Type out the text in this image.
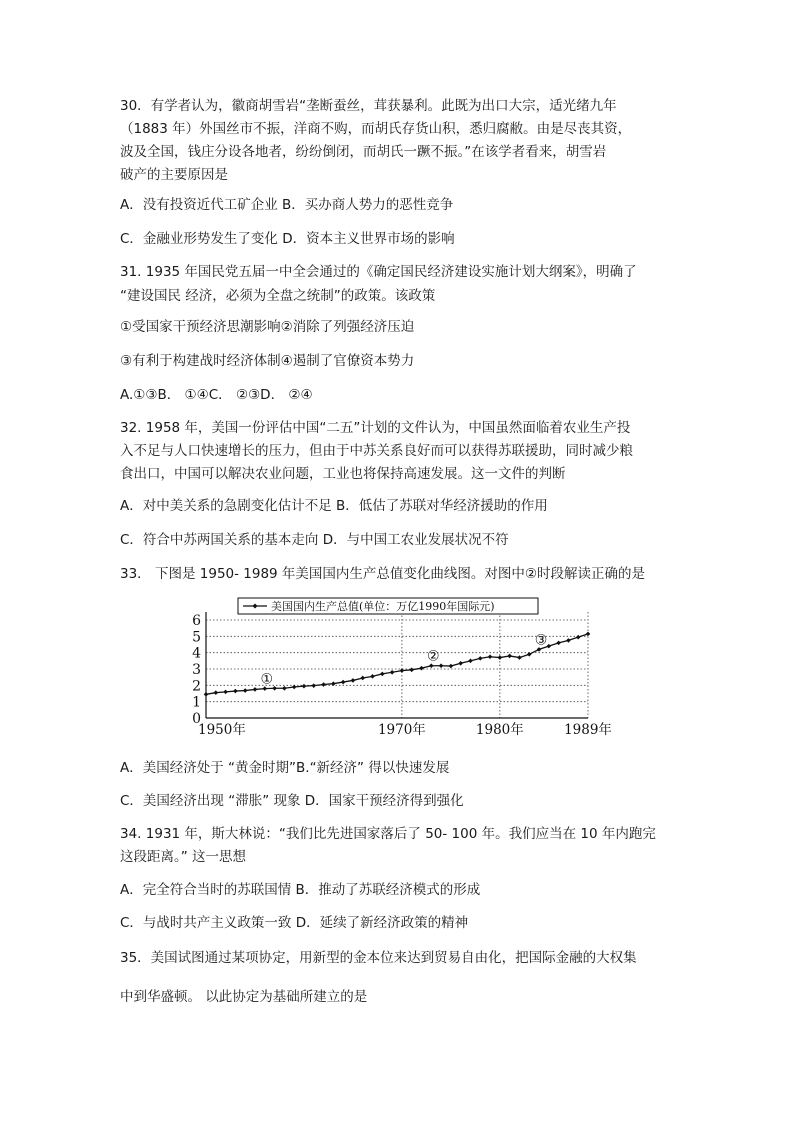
30．有学者认为，徽商胡雪岩“垄断蚕丝，茸获暴利。此既为出口大宗，适光绪九年
（1883 年）外国丝市不振，洋商不购，而胡氏存货山积，悉归腐敝。由是尽丧其资，
波及全国，钱庄分设各地者，纷纷倒闭，而胡氏一蹶不振。”在该学者看来，胡雪岩
破产的主要原因是
A．没有投资近代工矿企业 B．买办商人势力的恶性竞争
C．金融业形势发生了变化 D．资本主义世界市场的影响
31. 1935 年国民党五届一中全会通过的《确定国民经济建设实施计划大纲案》，明确了
“建设国民 经济，必须为全盘之统制”的政策。该政策
①受国家干预经济思潮影响②消除了列强经济压迫
③有利于构建战时经济体制④遏制了官僚资本势力
A.①③B． ①④C． ②③D． ②④
32. 1958 年，美国一份评估中国“二五”计划的文件认为，中国虽然面临着农业生产投
入不足与人口快速增长的压力，但由于中苏关系良好而可以获得苏联援助，同时减少粮
食出口，中国可以解决农业问题，工业也将保持高速发展。这一文件的判断
A．对中美关系的急剧变化估计不足 B．低估了苏联对华经济援助的作用
C．符合中苏两国关系的基本走向 D．与中国工农业发展状况不符
33． 下图是 1950- 1989 年美国国内生产总值变化曲线图。对图中②时段解读正确的是
0
1
2
3
4
5
6
1950年	1970年	1980年	1989年
①
②
③
美国国内生产总值(单位：万亿1990年国际元)
A．美国经济处于 “黄金时期”B.“新经济” 得以快速发展
C．美国经济出现 “滞胀” 现象 D．国家干预经济得到强化
34. 1931 年，斯大林说：“我们比先进国家落后了 50- 100 年。我们应当在 10 年内跑完
这段距离。” 这一思想
A．完全符合当时的苏联国情 B．推动了苏联经济模式的形成
C．与战时共产主义政策一致 D．延续了新经济政策的精神
35．美国试图通过某项协定，用新型的金本位来达到贸易自由化，把国际金融的大权集
中到华盛顿。 以此协定为基础所建立的是
